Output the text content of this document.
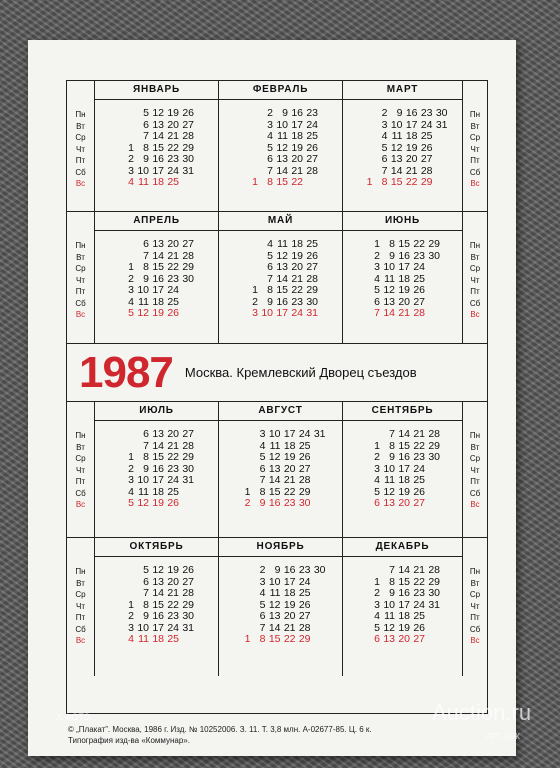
Пн
Вт
Ср
Чт
Пт
Сб
Вс
ЯНВАРЬ
5 12 19 26
6 13 20 27
7 14 21 28
1 8 15 22 29
2 9 16 23 30
3 10 17 24 31
4 11 18 25
ФЕВРАЛЬ
2 9 16 23
3 10 17 24
4 11 18 25
5 12 19 26
6 13 20 27
7 14 21 28
1 8 15 22
МАРТ
2 9 16 23 30
3 10 17 24 31
4 11 18 25
5 12 19 26
6 13 20 27
7 14 21 28
1 8 15 22 29
Пн
Вт
Ср
Чт
Пт
Сб
Вс
Пн
Вт
Ср
Чт
Пт
Сб
Вс
АПРЕЛЬ
6 13 20 27
7 14 21 28
1 8 15 22 29
2 9 16 23 30
3 10 17 24
4 11 18 25
5 12 19 26
МАЙ
4 11 18 25
5 12 19 26
6 13 20 27
7 14 21 28
1 8 15 22 29
2 9 16 23 30
3 10 17 24 31
ИЮНЬ
1 8 15 22 29
2 9 16 23 30
3 10 17 24
4 11 18 25
5 12 19 26
6 13 20 27
7 14 21 28
Пн
Вт
Ср
Чт
Пт
Сб
Вс
1987 Москва. Кремлевский Дворец съездов
Пн
Вт
Ср
Чт
Пт
Сб
Вс
ИЮЛЬ
6 13 20 27
7 14 21 28
1 8 15 22 29
2 9 16 23 30
3 10 17 24 31
4 11 18 25
5 12 19 26
АВГУСТ
3 10 17 24 31
4 11 18 25
5 12 19 26
6 13 20 27
7 14 21 28
1 8 15 22 29
2 9 16 23 30
СЕНТЯБРЬ
7 14 21 28
1 8 15 22 29
2 9 16 23 30
3 10 17 24
4 11 18 25
5 12 19 26
6 13 20 27
Пн
Вт
Ср
Чт
Пт
Сб
Вс
Пн
Вт
Ср
Чт
Пт
Сб
Вс
ОКТЯБРЬ
5 12 19 26
6 13 20 27
7 14 21 28
1 8 15 22 29
2 9 16 23 30
3 10 17 24 31
4 11 18 25
НОЯБРЬ
2 9 16 23 30
3 10 17 24
4 11 18 25
5 12 19 26
6 13 20 27
7 14 21 28
1 8 15 22 29
ДЕКАБРЬ
7 14 21 28
1 8 15 22 29
2 9 16 23 30
3 10 17 24 31
4 11 18 25
5 12 19 26
6 13 20 27
Пн
Вт
Ср
Чт
Пт
Сб
Вс
© „Плакат”. Москва, 1986 г. Изд. № 10252006. З. 11. Т. 3,8 млн. А-02677-85. Ц. 6 к.
Типография изд-ва «Коммунар».
Х ФОТО	Auction.ru
АРТ-БОК
